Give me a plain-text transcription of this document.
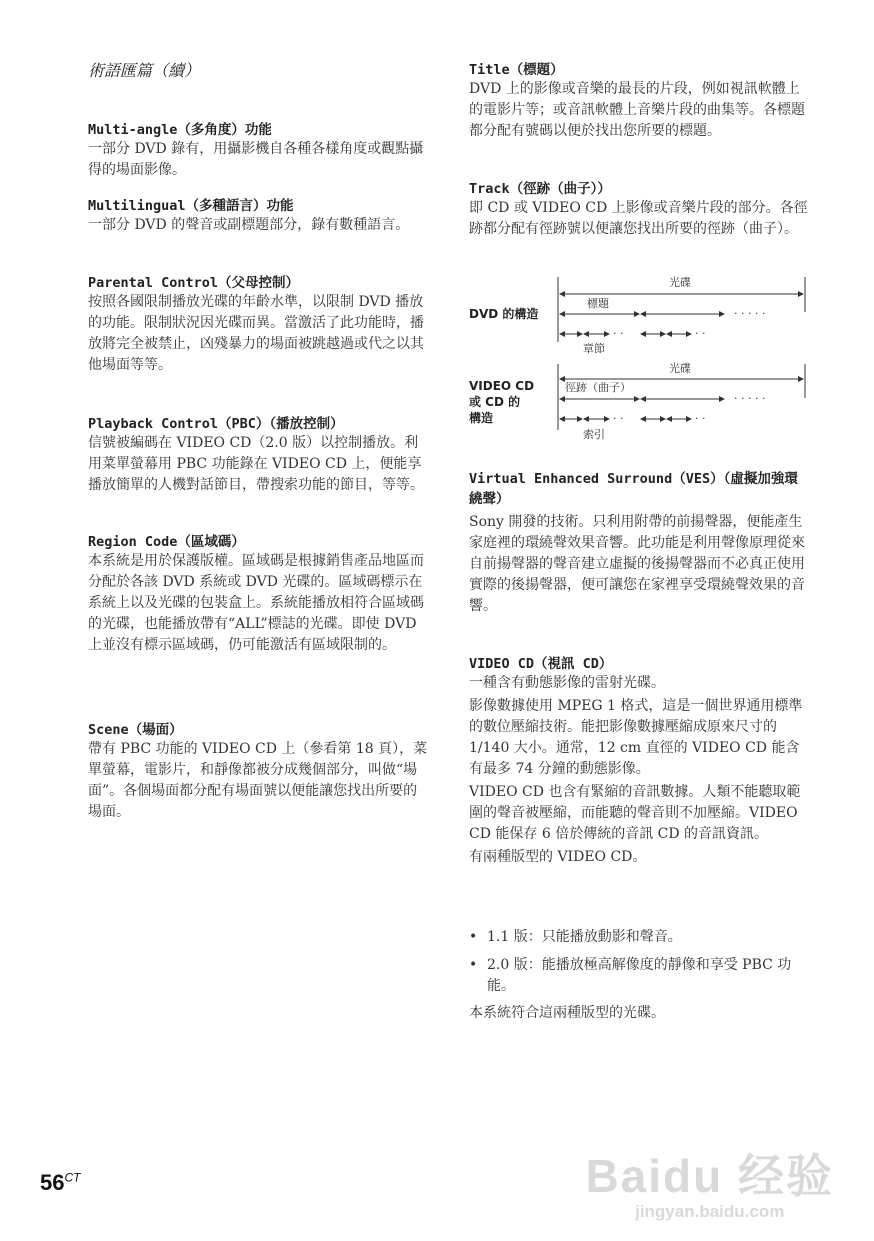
術語匯篇（續）
Multi-angle（多角度）功能
一部分 DVD 錄有，用攝影機自各種各樣角度或觀點攝得的場面影像。
Multilingual（多種語言）功能
一部分 DVD 的聲音或副標題部分，錄有數種語言。
Parental Control（父母控制）
按照各國限制播放光碟的年齡水準，以限制 DVD 播放的功能。限制狀況因光碟而異。當激活了此功能時，播放將完全被禁止，凶殘暴力的場面被跳越過或代之以其他場面等等。
Playback Control（PBC）（播放控制）
信號被編碼在 VIDEO CD（2.0 版）以控制播放。利用菜單螢幕用 PBC 功能錄在 VIDEO CD 上，便能享播放簡單的人機對話節目，帶搜索功能的節目，等等。
Region Code（區域碼）
本系統是用於保護版權。區域碼是根據銷售產品地區而分配於各該 DVD 系統或 DVD 光碟的。區域碼標示在系統上以及光碟的包裝盒上。系統能播放相符合區域碼的光碟，也能播放帶有“ALL”標誌的光碟。即使 DVD 上並沒有標示區域碼，仍可能激活有區域限制的。
Scene（場面）
帶有 PBC 功能的 VIDEO CD 上（參看第 18 頁），菜單螢幕，電影片，和靜像都被分成幾個部分，叫做“場面”。各個場面都分配有場面號以便能讓您找出所要的場面。
Title（標題）
DVD 上的影像或音樂的最長的片段，例如視訊軟體上的電影片等；或音訊軟體上音樂片段的曲集等。各標題都分配有號碼以便於找出您所要的標題。
Track（徑跡（曲子））
即 CD 或 VIDEO CD 上影像或音樂片段的部分。各徑跡都分配有徑跡號以便讓您找出所要的徑跡（曲子）。
DVD 的構造
VIDEO CD
或 CD 的
構造
光碟
標題
· · · · ·
· ·	· ·
章節
光碟
徑跡（曲子）
· · · · ·
· ·	· ·
索引
Virtual Enhanced Surround（VES）（虛擬加強環繞聲）
Sony 開發的技術。只利用附帶的前揚聲器，便能產生家庭裡的環繞聲效果音響。此功能是利用聲像原理從來自前揚聲器的聲音建立虛擬的後揚聲器而不必真正使用實際的後揚聲器，便可讓您在家裡享受環繞聲效果的音響。
VIDEO CD（視訊 CD）

一種含有動態影像的雷射光碟。

影像數據使用 MPEG 1 格式，這是一個世界通用標準的數位壓縮技術。能把影像數據壓縮成原來尺寸的 1/140 大小。通常，12 cm 直徑的 VIDEO CD 能含有最多 74 分鐘的動態影像。

VIDEO CD 也含有緊縮的音訊數據。人類不能聽取範圍的聲音被壓縮，而能聽的聲音則不加壓縮。VIDEO CD 能保存 6 倍於傳統的音訊 CD 的音訊資訊。

有兩種版型的 VIDEO CD。

• 1.1 版：只能播放動影和聲音。
• 2.0 版：能播放極高解像度的靜像和享受 PBC 功能。
本系統符合這兩種版型的光碟。
$56^{CT}$	Baidu 经验
jingyan.baidu.com
